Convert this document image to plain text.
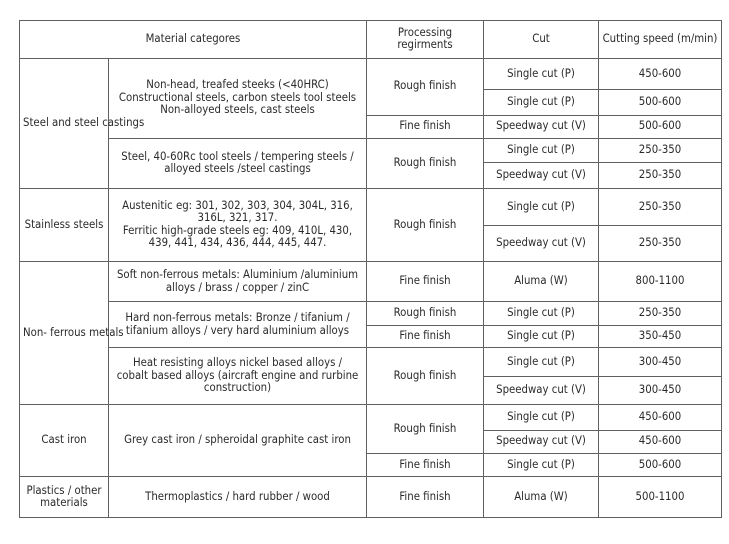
Material categores		Processing regirments	Cut	Cutting speed (m/min)
Steel and steel castings	Non-head, treafed steeks (<40HRC)
Constructional steels, carbon steels tool steels
Non-alloyed steels, cast steels	Rough finish	Single cut (P)	450-600
			Single cut (P)	500-600
		Fine finish	Speedway cut (V)	500-600
	Steel, 40-60Rc tool steels / tempering steels /
alloyed steels /steel castings	Rough finish	Single cut (P)	250-350
			Speedway cut (V)	250-350
Stainless steels	Austenitic eg: 301, 302, 303, 304, 304L, 316,
316L, 321, 317.
Ferritic high-grade steels eg: 409, 410L, 430,
439, 441, 434, 436, 444, 445, 447.	Rough finish	Single cut (P)	250-350
			Speedway cut (V)	250-350
Non- ferrous metals	Soft non-ferrous metals: Aluminium /aluminium
alloys / brass / copper / zinC	Fine finish	Aluma (W)	800-1100
	Hard non-ferrous metals: Bronze / tifanium /
tifanium alloys / very hard aluminium alloys	Rough finish	Single cut (P)	250-350
		Fine finish	Single cut (P)	350-450
	Heat resisting alloys nickel based alloys /
cobalt based alloys (aircraft engine and rurbine
construction)	Rough finish	Single cut (P)	300-450
			Speedway cut (V)	300-450
Cast iron	Grey cast iron / spheroidal graphite cast iron	Rough finish	Single cut (P)	450-600
			Speedway cut (V)	450-600
		Fine finish	Single cut (P)	500-600
Plastics / other materials	Thermoplastics / hard rubber / wood	Fine finish	Aluma (W)	500-1100
